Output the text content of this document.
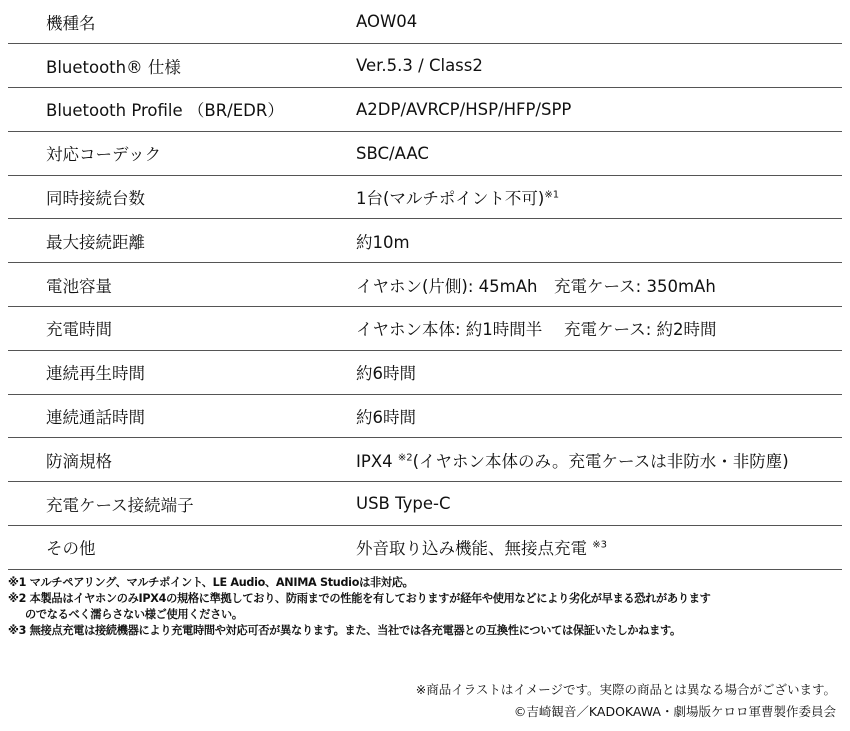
機種名	AOW04
Bluetooth® 仕様	Ver.5.3 / Class2
Bluetooth Profile （BR/EDR）	A2DP/AVRCP/HSP/HFP/SPP
対応コーデック	SBC/AAC
同時接続台数	1台(マルチポイント不可)$^{※1}$
最大接続距離	約10m
電池容量	イヤホン(片側): 45mAh　充電ケース: 350mAh
充電時間	イヤホン本体: 約1時間半　 充電ケース: 約2時間
連続再生時間	約6時間
連続通話時間	約6時間
防滴規格	IPX4 $^{※2}$(イヤホン本体のみ。充電ケースは非防水・非防塵)
充電ケース接続端子	USB Type-C
その他	外音取り込み機能、無接点充電 $^{※3}$
※1 マルチペアリング、マルチポイント、LE Audio、ANIMA Studioは非対応。
※2 本製品はイヤホンのみIPX4の規格に準拠しており、防雨までの性能を有しておりますが経年や使用などにより劣化が早まる恐れがあります
のでなるべく濡らさない様ご使用ください。
※3 無接点充電は接続機器により充電時間や対応可否が異なります。また、当社では各充電器との互換性については保証いたしかねます。
※商品イラストはイメージです。実際の商品とは異なる場合がございます。
©吉崎観音／KADOKAWA・劇場版ケロロ軍曹製作委員会
